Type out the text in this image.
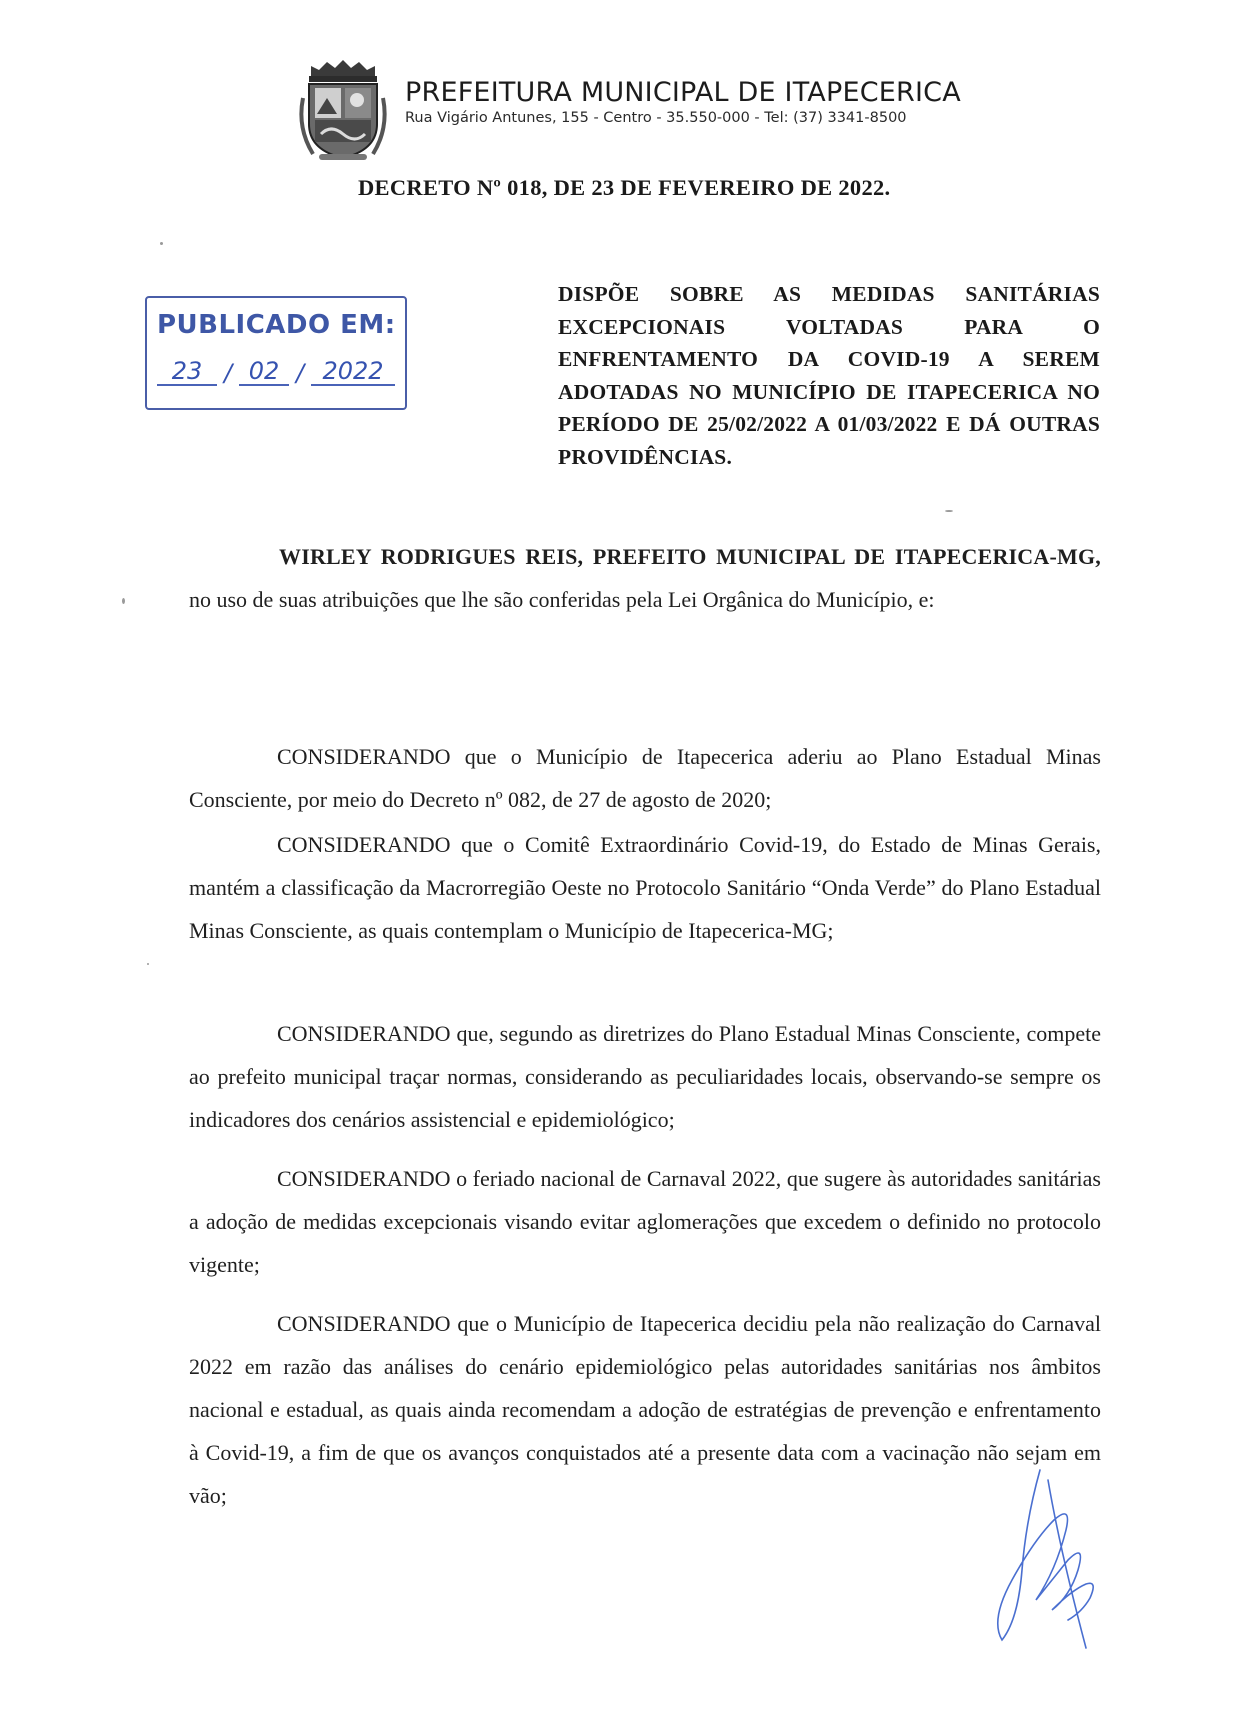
PREFEITURA MUNICIPAL DE ITAPECERICA
Rua Vigário Antunes, 155 - Centro - 35.550-000 - Tel: (37) 3341-8500
DECRETO Nº 018, DE 23 DE FEVEREIRO DE 2022.
PUBLICADO EM:
23 / 02 / 2022
DISPÕE SOBRE AS MEDIDAS SANITÁRIAS EXCEPCIONAIS VOLTADAS PARA O ENFRENTAMENTO DA COVID-19 A SEREM ADOTADAS NO MUNICÍPIO DE ITAPECERICA NO PERÍODO DE 25/02/2022 A 01/03/2022 E DÁ OUTRAS PROVIDÊNCIAS.
WIRLEY RODRIGUES REIS, PREFEITO MUNICIPAL DE ITAPECERICA-MG, no uso de suas atribuições que lhe são conferidas pela Lei Orgânica do Município, e:
CONSIDERANDO que o Município de Itapecerica aderiu ao Plano Estadual Minas Consciente, por meio do Decreto nº 082, de 27 de agosto de 2020;
CONSIDERANDO que o Comitê Extraordinário Covid-19, do Estado de Minas Gerais, mantém a classificação da Macrorregião Oeste no Protocolo Sanitário “Onda Verde” do Plano Estadual Minas Consciente, as quais contemplam o Município de Itapecerica-MG;
CONSIDERANDO que, segundo as diretrizes do Plano Estadual Minas Consciente, compete ao prefeito municipal traçar normas, considerando as peculiaridades locais, observando-se sempre os indicadores dos cenários assistencial e epidemiológico;
CONSIDERANDO o feriado nacional de Carnaval 2022, que sugere às autoridades sanitárias a adoção de medidas excepcionais visando evitar aglomerações que excedem o definido no protocolo vigente;
CONSIDERANDO que o Município de Itapecerica decidiu pela não realização do Carnaval 2022 em razão das análises do cenário epidemiológico pelas autoridades sanitárias nos âmbitos nacional e estadual, as quais ainda recomendam a adoção de estratégias de prevenção e enfrentamento à Covid-19, a fim de que os avanços conquistados até a presente data com a vacinação não sejam em vão;
